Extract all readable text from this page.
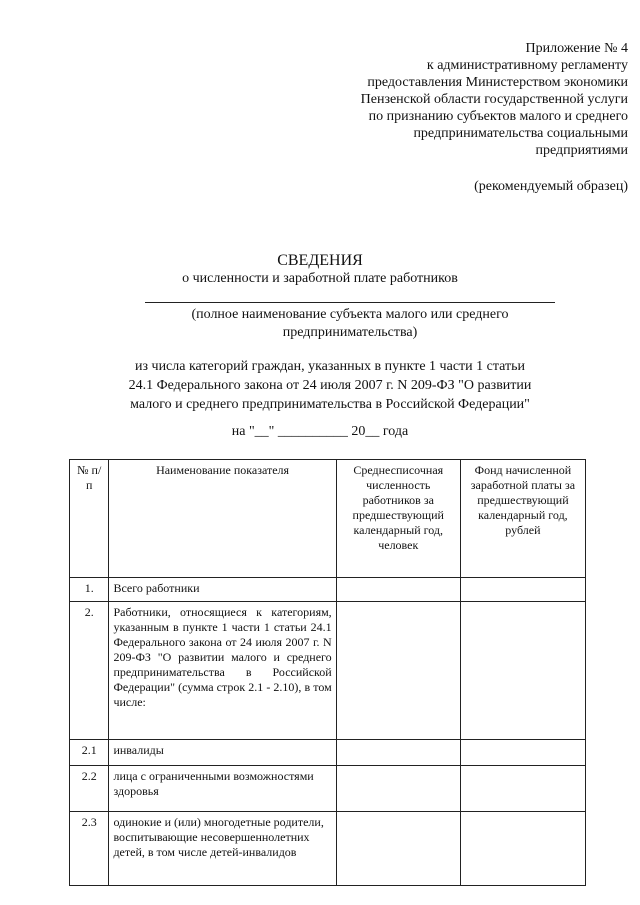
Приложение № 4
к административному регламенту
предоставления Министерством экономики
Пензенской области государственной услуги
по признанию субъектов малого и среднего
предпринимательства социальными
предприятиями
(рекомендуемый образец)
СВЕДЕНИЯ
о численности и заработной плате работников
(полное наименование субъекта малого или среднего
предпринимательства)
из числа категорий граждан, указанных в пункте 1 части 1 статьи
24.1 Федерального закона от 24 июля 2007 г. N 209-ФЗ "О развитии
малого и среднего предпринимательства в Российской Федерации"
на "__" __________ 20__ года
№ п/п	Наименование показателя	Среднесписочная численность работников за предшествующий календарный год, человек	Фонд начисленной заработной платы за предшествующий календарный год, рублей
1.	Всего работники		
2.	Работники, относящиеся к категориям, указанным в пункте 1 части 1 статьи 24.1 Федерального закона от 24 июля 2007 г. N 209-ФЗ "О развитии малого и среднего предпринимательства в Российской Федерации" (сумма строк 2.1 - 2.10), в том числе:		
2.1	инвалиды		
2.2	лица с ограниченными возможностями здоровья		
2.3	одинокие и (или) многодетные родители, воспитывающие несовершеннолетних детей, в том числе детей-инвалидов		
